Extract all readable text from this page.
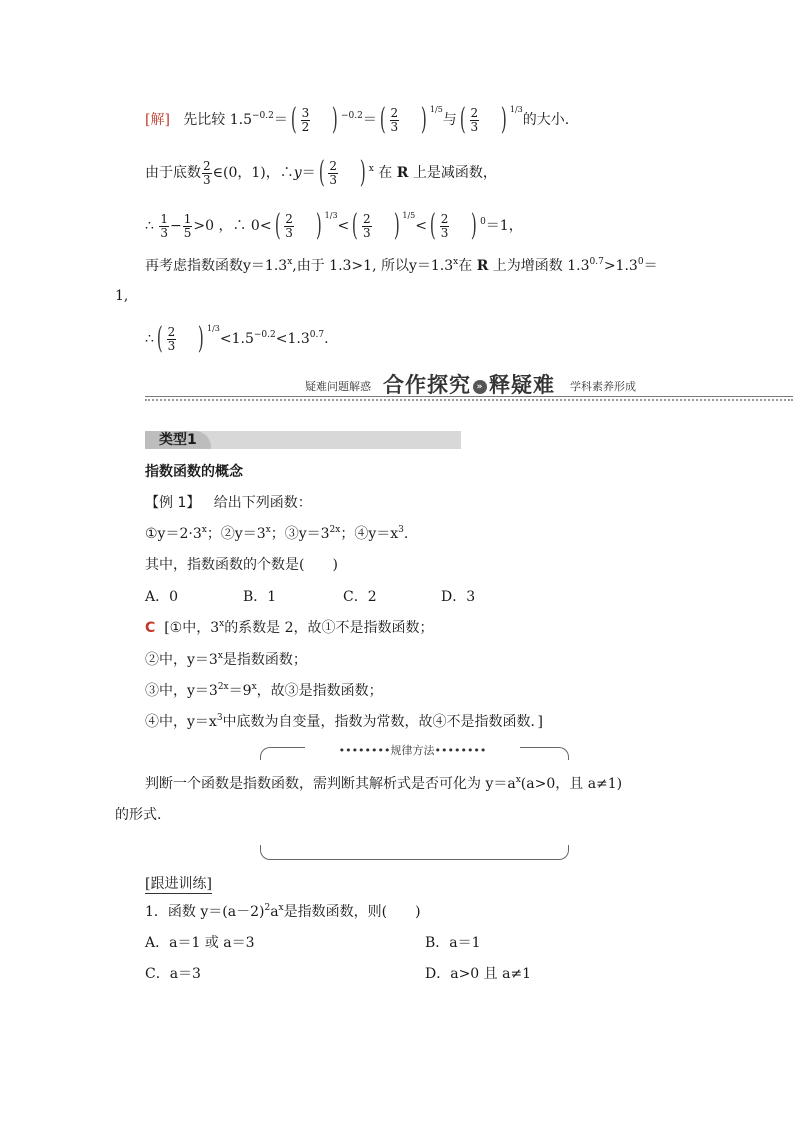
[解] 先比较 $1.5^{-0.2}=( \frac{3}{2}$ ) $^{-0.2}=( \frac{2}{3}$ ) $^{1/5}$与( $\frac{2}{3}$ ) $^{1/3}$的大小.
由于底数 $\frac{2}{3}$ ∈(0，1)，∴y＝( $\frac{2}{3}$ ) $^x$ 在 R 上是减函数，
∴ $\frac{1}{3} - \frac{1}{5} >0$ ，∴ $0<( \frac{2}{3}$ ) $^{1/3}<( \frac{2}{3}$ ) $^{1/5}<( \frac{2}{3}$ ) $^0$＝1，
再考虑指数函数$y=1.3^x$,由于 1.3>1, 所以$y=1.3^x$在 R 上为增函数 $1.3^{0.7}>1.3^0=$
1,
∴( $\frac{2}{3}$ ) $^{1/3}<1.5^{-0.2}<1.3^{0.7}$.
疑难问题解惑 合作探究 » 释疑难 学科素养形成
类型1
指数函数的概念
【例 1】 给出下列函数：
$①y=2\cdot 3^x$；$②y=3^x$；$③y=3^{2x}$；$④y=x^3$.
其中，指数函数的个数是(　　)
A．0	B．1	C．2	D．3
C [①中，3$^x$的系数是 2，故①不是指数函数；
②中，$y=3^x$是指数函数；
③中，$y=3^{2x}=9^x$，故③是指数函数；
④中，$y=x^3$中底数为自变量，指数为常数，故④不是指数函数．]
••••••••规律方法••••••••
判断一个函数是指数函数，需判断其解析式是否可化为 $y=a^x(a>0$，且 a≠1)
的形式.
[跟进训练]
1．函数 $y=(a-2)^2a^x$是指数函数，则(　　)
A．a＝1 或 a＝3	B．a＝1
C．a＝3	D．a>0 且 a≠1
